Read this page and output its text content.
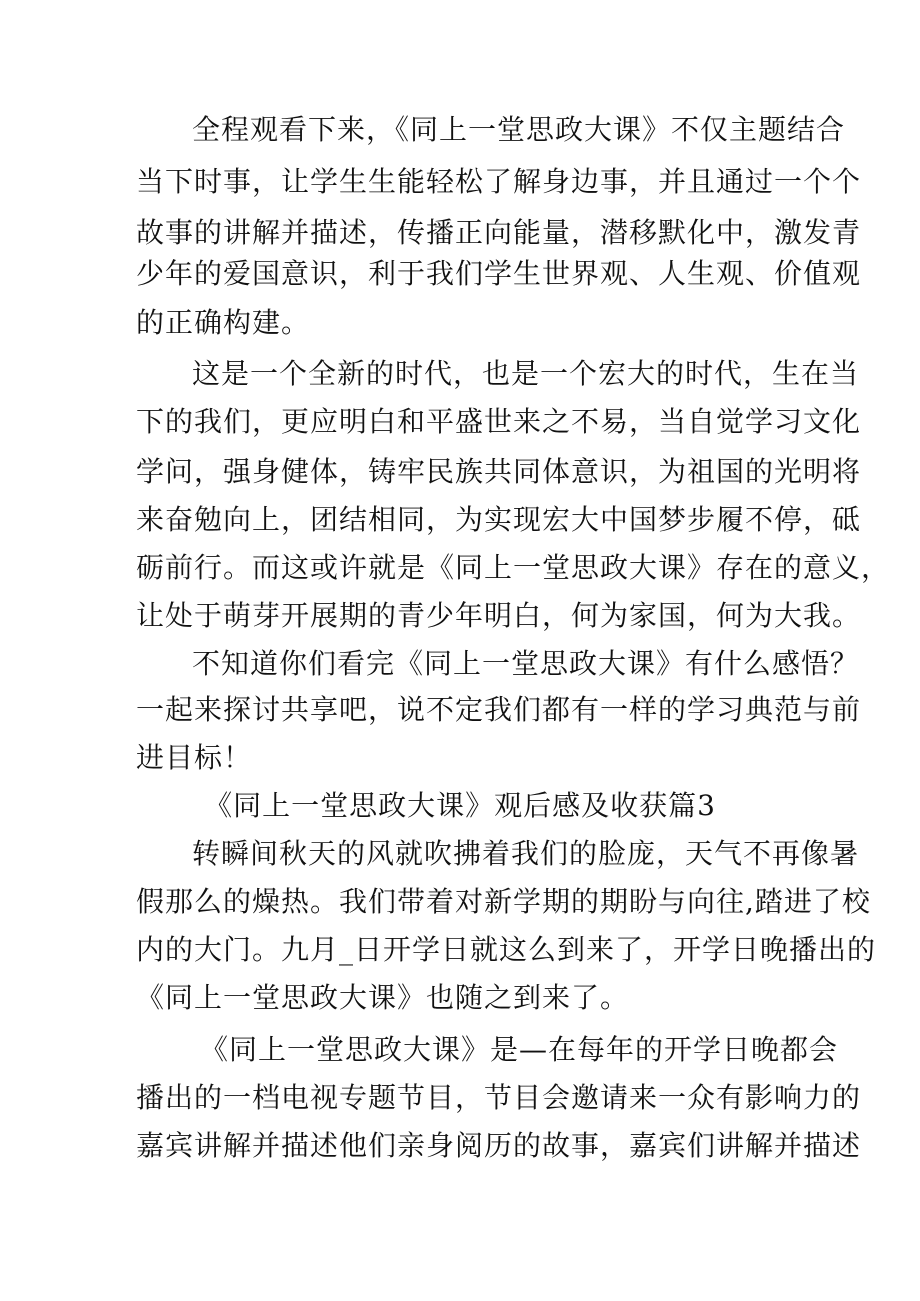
全程观看下来，《同上一堂思政大课》不仅主题结合
当下时事，让学生生能轻松了解身边事，并且通过一个个
故事的讲解并描述，传播正向能量，潜移默化中，激发青
少年的爱国意识，利于我们学生世界观、人生观、价值观
的正确构建。
这是一个全新的时代，也是一个宏大的时代，生在当
下的我们，更应明白和平盛世来之不易，当自觉学习文化
学问，强身健体，铸牢民族共同体意识，为祖国的光明将
来奋勉向上，团结相同，为实现宏大中国梦步履不停，砥
砺前行。而这或许就是《同上一堂思政大课》存在的意义，
让处于萌芽开展期的青少年明白，何为家国，何为大我。
不知道你们看完《同上一堂思政大课》有什么感悟？
一起来探讨共享吧，说不定我们都有一样的学习典范与前
进目标！
《同上一堂思政大课》观后感及收获篇3
转瞬间秋天的风就吹拂着我们的脸庞，天气不再像暑
假那么的燥热。我们带着对新学期的期盼与向往,踏进了校
内的大门。九月_日开学日就这么到来了，开学日晚播出的
《同上一堂思政大课》也随之到来了。
《同上一堂思政大课》是—在每年的开学日晚都会
播出的一档电视专题节目，节目会邀请来一众有影响力的
嘉宾讲解并描述他们亲身阅历的故事，嘉宾们讲解并描述
